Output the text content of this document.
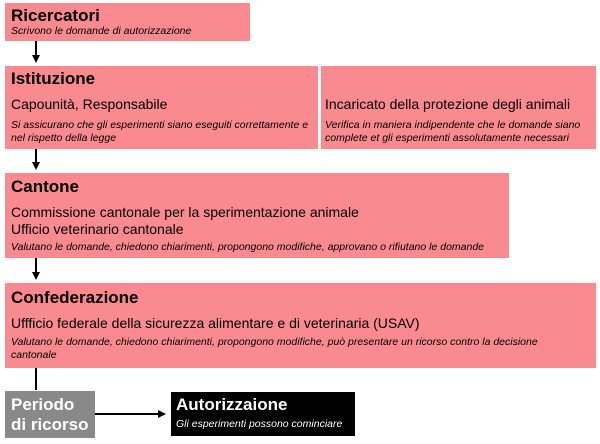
Ricercatori
Scrivono le domande di autorizzazione
Istituzione
Capounità, Responsabile
Si assicurano che gli esperimenti siano eseguiti correttamente e nel rispetto della legge
Incaricato della protezione degli animali
Verifica in maniera indipendente che le domande siano complete et gli esperimenti assolutamente necessari
Cantone
Commissione cantonale per la sperimentazione animale
Ufficio veterinario cantonale
Valutano le domande, chiedono chiarimenti, propongono modifiche, approvano o rifiutano le domande
Confederazione
Uffficio federale della sicurezza alimentare e di veterinaria (USAV)
Valutano le domande, chiedono chiarimenti, propongono modifiche, può presentare un ricorso contro la decisione cantonale
Periodo
di ricorso
Autorizzaione
Gli esperimenti possono cominciare
